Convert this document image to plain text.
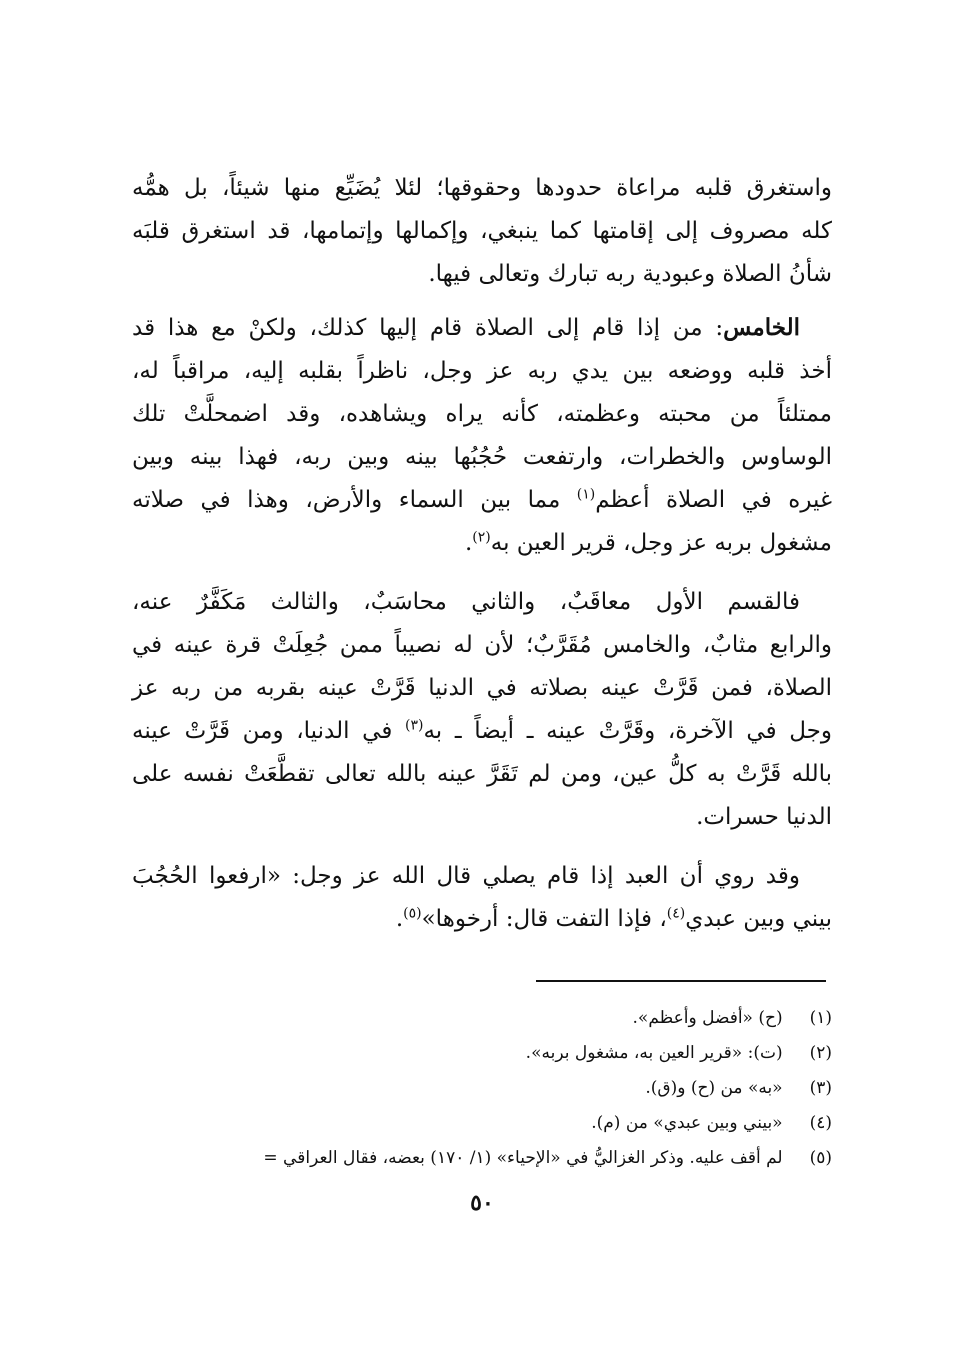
واستغرق قلبه مراعاة حدودها وحقوقها؛ لئلا يُضَيِّع منها شيئاً، بل همُّه
كله مصروف إلى إقامتها كما ينبغي، وإكمالها وإتمامها، قد استغرق قلبَه
شأنُ الصلاة وعبودية ربه تبارك وتعالى فيها.
الخامس: من إذا قام إلى الصلاة قام إليها كذلك، ولكنْ مع هذا قد
أخذ قلبه ووضعه بين يدي ربه عز وجل، ناظراً بقلبه إليه، مراقباً له،
ممتلئاً من محبته وعظمته، كأنه يراه ويشاهده، وقد اضمحلَّتْ تلك
الوساوس والخطرات، وارتفعت حُجُبُها بينه وبين ربه، فهذا بينه وبين
غيره في الصلاة أعظم$^{(١)}$ مما بين السماء والأرض، وهذا في صلاته
مشغول بربه عز وجل، قرير العين به$^{(٢)}$.
فالقسم الأول معاقَبٌ، والثاني محاسَبٌ، والثالث مَكَفَّرٌ عنه،
والرابع مثابٌ، والخامس مُقَرَّبٌ؛ لأن له نصيباً ممن جُعِلَتْ قرة عينه في
الصلاة، فمن قَرَّتْ عينه بصلاته في الدنيا قَرَّتْ عينه بقربه من ربه عز
وجل في الآخرة، وقَرَّتْ عينه ـ أيضاً ـ به$^{(٣)}$ في الدنيا، ومن قَرَّتْ عينه
بالله قَرَّتْ به كلُّ عين، ومن لم تَقَرَّ عينه بالله تعالى تقطَّعَتْ نفسه على
الدنيا حسرات.
وقد روي أن العبد إذا قام يصلي قال الله عز وجل: «ارفعوا الحُجُبَ
بيني وبين عبدي$^{(٤)}$، فإذا التفت قال: أرخوها»$^{(٥)}$.
(١) (ح) «أفضل وأعظم».
(٢) (ت): «قرير العين به، مشغول بربه».
(٣) «به» من (ح) و(ق).
(٤) «بيني وبين عبدي» من (م).
(٥) لم أقف عليه. وذكر الغزاليُّ في «الإحياء» (١/ ١٧٠) بعضه، فقال العراقي =
٥٠
